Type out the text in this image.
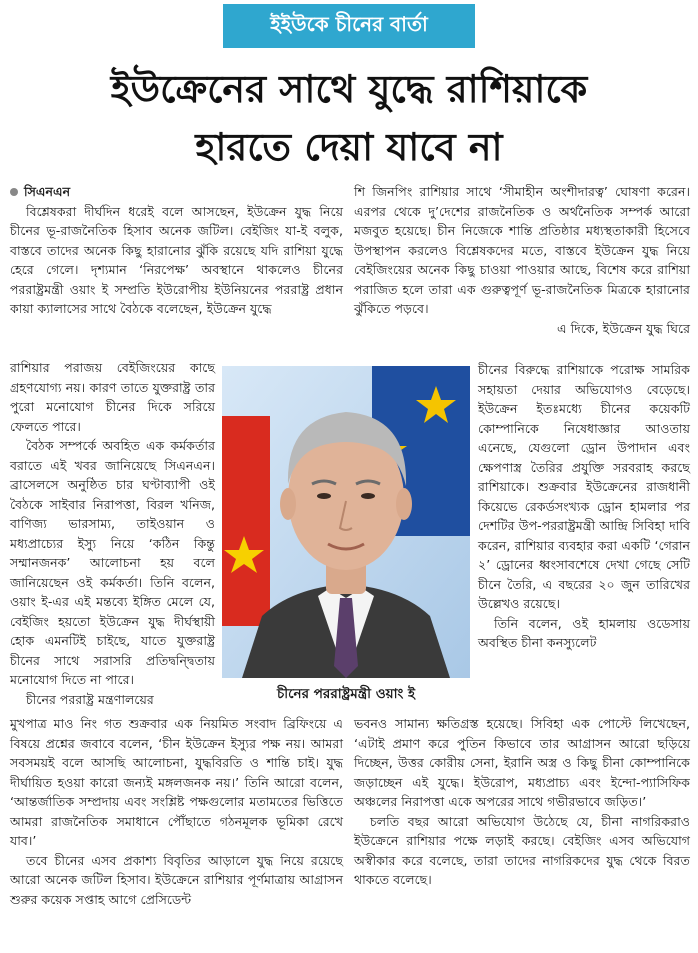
ইইউকে চীনের বার্তা
ইউক্রেনের সাথে যুদ্ধে রাশিয়াকে
হারতে দেয়া যাবে না
সিএনএন

বিশ্লেষকরা দীর্ঘদিন ধরেই বলে আসছেন, ইউক্রেন যুদ্ধ নিয়ে চীনের ভূ-রাজনৈতিক হিসাব অনেক জটিল। বেইজিং যা-ই বলুক, বাস্তবে তাদের অনেক কিছু হারানোর ঝুঁকি রয়েছে যদি রাশিয়া যুদ্ধে হেরে গেলে। দৃশ্যমান ‘নিরপেক্ষ’ অবস্থানে থাকলেও চীনের পররাষ্ট্রমন্ত্রী ওয়াং ই সম্প্রতি ইউরোপীয় ইউনিয়নের পররাষ্ট্র প্রধান কায়া ক্যালাসের সাথে বৈঠকে বলেছেন, ইউক্রেন যুদ্ধে

রাশিয়ার পরাজয় বেইজিংয়ের কাছে গ্রহণযোগ্য নয়। কারণ তাতে যুক্তরাষ্ট্র তার পুরো মনোযোগ চীনের দিকে সরিয়ে ফেলতে পারে।

বৈঠক সম্পর্কে অবহিত এক কর্মকর্তার বরাতে এই খবর জানিয়েছে সিএনএন। ব্রাসেলসে অনুষ্ঠিত চার ঘণ্টাব্যাপী ওই বৈঠকে সাইবার নিরাপত্তা, বিরল খনিজ, বাণিজ্য ভারসাম্য, তাইওয়ান ও মধ্যপ্রাচ্যের ইস্যু নিয়ে ‘কঠিন কিন্তু সম্মানজনক’ আলোচনা হয় বলে জানিয়েছেন ওই কর্মকর্তা। তিনি বলেন, ওয়াং ই-এর এই মন্তব্যে ইঙ্গিত মেলে যে, বেইজিং হয়তো ইউক্রেন যুদ্ধ দীর্ঘস্থায়ী হোক এমনটিই চাইছে, যাতে যুক্তরাষ্ট্র চীনের সাথে সরাসরি প্রতিদ্বন্দ্বিতায় মনোযোগ দিতে না পারে।

চীনের পররাষ্ট্র মন্ত্রণালয়ের

মুখপাত্র মাও নিং গত শুক্রবার এক নিয়মিত সংবাদ ব্রিফিংয়ে এ বিষয়ে প্রশ্নের জবাবে বলেন, ‘চীন ইউক্রেন ইস্যুর পক্ষ নয়। আমরা সবসময়ই বলে আসছি আলোচনা, যুদ্ধবিরতি ও শান্তি চাই। যুদ্ধ দীর্ঘায়িত হওয়া কারো জন্যই মঙ্গলজনক নয়।’ তিনি আরো বলেন, ‘আন্তর্জাতিক সম্প্রদায় এবং সংশ্লিষ্ট পক্ষগুলোর মতামতের ভিত্তিতে আমরা রাজনৈতিক সমাধানে পৌঁছাতে গঠনমূলক ভূমিকা রেখে যাব।’

তবে চীনের এসব প্রকাশ্য বিবৃতির আড়ালে যুদ্ধ নিয়ে রয়েছে আরো অনেক জটিল হিসাব। ইউক্রেনে রাশিয়ার পূর্ণমাত্রায় আগ্রাসন শুরুর কয়েক সপ্তাহ আগে প্রেসিডেন্ট

শি জিনপিং রাশিয়ার সাথে ‘সীমাহীন অংশীদারত্ব’ ঘোষণা করেন। এরপর থেকে দু’দেশের রাজনৈতিক ও অর্থনৈতিক সম্পর্ক আরো মজবুত হয়েছে। চীন নিজেকে শান্তি প্রতিষ্ঠার মধ্যস্থতাকারী হিসেবে উপস্থাপন করলেও বিশ্লেষকদের মতে, বাস্তবে ইউক্রেন যুদ্ধ নিয়ে বেইজিংয়ের অনেক কিছু চাওয়া পাওয়ার আছে, বিশেষ করে রাশিয়া পরাজিত হলে তারা এক গুরুত্বপূর্ণ ভূ-রাজনৈতিক মিত্রকে হারানোর ঝুঁকিতে পড়বে।

এ দিকে, ইউক্রেন যুদ্ধ ঘিরে

চীনের বিরুদ্ধে রাশিয়াকে পরোক্ষ সামরিক সহায়তা দেয়ার অভিযোগও বেড়েছে। ইউক্রেন ইতঃমধ্যে চীনের কয়েকটি কোম্পানিকে নিষেধাজ্ঞার আওতায় এনেছে, যেগুলো ড্রোন উপাদান এবং ক্ষেপণাস্ত্র তৈরির প্রযুক্তি সরবরাহ করছে রাশিয়াকে। শুক্রবার ইউক্রেনের রাজধানী কিয়েভে রেকর্ডসংখ্যক ড্রোন হামলার পর দেশটির উপ-পররাষ্ট্রমন্ত্রী আন্দ্রি সিবিহা দাবি করেন, রাশিয়ার ব্যবহার করা একটি ‘গেরান ২’ ড্রোনের ধ্বংসাবশেষে দেখা গেছে সেটি চীনে তৈরি, এ বছরের ২০ জুন তারিখের উল্লেখও রয়েছে।

তিনি বলেন, ওই হামলায় ওডেসায় অবস্থিত চীনা কনস্যুলেট

ভবনও সামান্য ক্ষতিগ্রস্ত হয়েছে। সিবিহা এক পোস্টে লিখেছেন, ‘এটাই প্রমাণ করে পুতিন কিভাবে তার আগ্রাসন আরো ছড়িয়ে দিচ্ছেন, উত্তর কোরীয় সেনা, ইরানি অস্ত্র ও কিছু চীনা কোম্পানিকে জড়াচ্ছেন এই যুদ্ধে। ইউরোপ, মধ্যপ্রাচ্য এবং ইন্দো-প্যাসিফিক অঞ্চলের নিরাপত্তা একে অপরের সাথে গভীরভাবে জড়িত।’

চলতি বছর আরো অভিযোগ উঠেছে যে, চীনা নাগরিকরাও ইউক্রেনে রাশিয়ার পক্ষে লড়াই করছে। বেইজিং এসব অভিযোগ অস্বীকার করে বলেছে, তারা তাদের নাগরিকদের যুদ্ধ থেকে বিরত থাকতে বলেছে।

চীনের পররাষ্ট্রমন্ত্রী ওয়াং ই
